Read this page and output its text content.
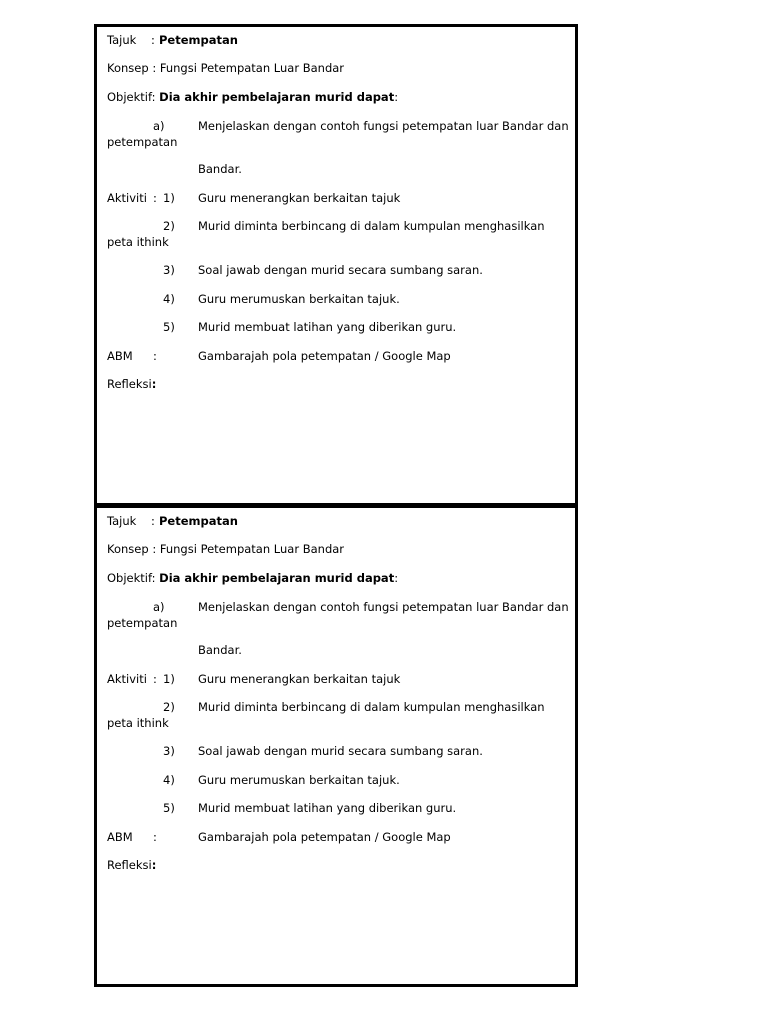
Tajuk : Petempatan
Konsep : Fungsi Petempatan Luar Bandar
Objektif: Dia akhir pembelajaran murid dapat:
a)	Menjelaskan dengan contoh fungsi petempatan luar Bandar dan
petempatan
Bandar.
Aktiviti : 1) Guru menerangkan berkaitan tajuk
2) Murid diminta berbincang di dalam kumpulan menghasilkan
peta ithink
3) Soal jawab dengan murid secara sumbang saran.
4) Guru merumuskan berkaitan tajuk.
5) Murid membuat latihan yang diberikan guru.
ABM :	Gambarajah pola petempatan / Google Map
Refleksi:
Tajuk : Petempatan
Konsep : Fungsi Petempatan Luar Bandar
Objektif: Dia akhir pembelajaran murid dapat:
a)	Menjelaskan dengan contoh fungsi petempatan luar Bandar dan
petempatan
Bandar.
Aktiviti : 1) Guru menerangkan berkaitan tajuk
2) Murid diminta berbincang di dalam kumpulan menghasilkan
peta ithink
3) Soal jawab dengan murid secara sumbang saran.
4) Guru merumuskan berkaitan tajuk.
5) Murid membuat latihan yang diberikan guru.
ABM :	Gambarajah pola petempatan / Google Map
Refleksi:
